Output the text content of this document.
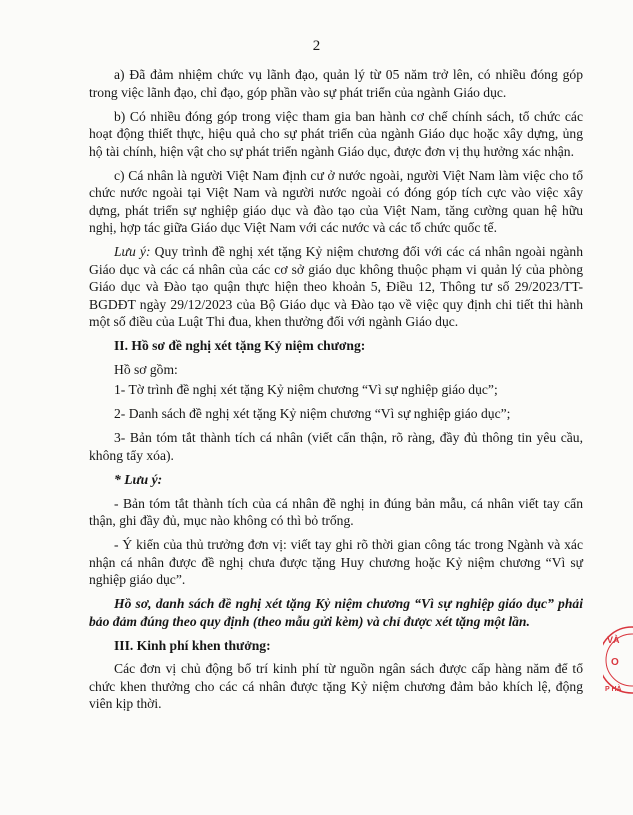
2

a) Đã đảm nhiệm chức vụ lãnh đạo, quản lý từ 05 năm trở lên, có nhiều đóng góp trong việc lãnh đạo, chỉ đạo, góp phần vào sự phát triển của ngành Giáo dục.

b) Có nhiều đóng góp trong việc tham gia ban hành cơ chế chính sách, tổ chức các hoạt động thiết thực, hiệu quả cho sự phát triển của ngành Giáo dục hoặc xây dựng, ủng hộ tài chính, hiện vật cho sự phát triển ngành Giáo dục, được đơn vị thụ hưởng xác nhận.

c) Cá nhân là người Việt Nam định cư ở nước ngoài, người Việt Nam làm việc cho tổ chức nước ngoài tại Việt Nam và người nước ngoài có đóng góp tích cực vào việc xây dựng, phát triển sự nghiệp giáo dục và đào tạo của Việt Nam, tăng cường quan hệ hữu nghị, hợp tác giữa Giáo dục Việt Nam với các nước và các tổ chức quốc tế.

Lưu ý: Quy trình đề nghị xét tặng Kỷ niệm chương đối với các cá nhân ngoài ngành Giáo dục và các cá nhân của các cơ sở giáo dục không thuộc phạm vi quản lý của phòng Giáo dục và Đào tạo quận thực hiện theo khoản 5, Điều 12, Thông tư số 29/2023/TT-BGDĐT ngày 29/12/2023 của Bộ Giáo dục và Đào tạo về việc quy định chi tiết thi hành một số điều của Luật Thi đua, khen thưởng đối với ngành Giáo dục.

II. Hồ sơ đề nghị xét tặng Kỷ niệm chương:

Hồ sơ gồm:

1- Tờ trình đề nghị xét tặng Kỷ niệm chương “Vì sự nghiệp giáo dục”;

2- Danh sách đề nghị xét tặng Kỷ niệm chương “Vì sự nghiệp giáo dục”;

3- Bản tóm tắt thành tích cá nhân (viết cẩn thận, rõ ràng, đầy đủ thông tin yêu cầu, không tẩy xóa).

* Lưu ý:

- Bản tóm tắt thành tích của cá nhân đề nghị in đúng bản mẫu, cá nhân viết tay cẩn thận, ghi đầy đủ, mục nào không có thì bỏ trống.

- Ý kiến của thủ trưởng đơn vị: viết tay ghi rõ thời gian công tác trong Ngành và xác nhận cá nhân được đề nghị chưa được tặng Huy chương hoặc Kỷ niệm chương “Vì sự nghiệp giáo dục”.

Hồ sơ, danh sách đề nghị xét tặng Kỷ niệm chương “Vì sự nghiệp giáo dục” phải bảo đảm đúng theo quy định (theo mẫu gửi kèm) và chỉ được xét tặng một lần.

III. Kinh phí khen thưởng:

Các đơn vị chủ động bố trí kinh phí từ nguồn ngân sách được cấp hàng năm để tổ chức khen thưởng cho các cá nhân được tặng Kỷ niệm chương đảm bảo khích lệ, động viên kịp thời.

VÀ
O
P HÀ
